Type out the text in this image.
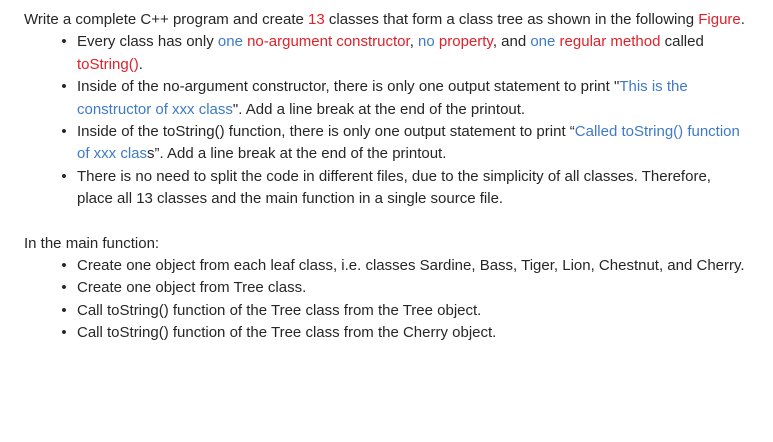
Write a complete C++ program and create 13 classes that form a class tree as shown in the following Figure.

• Every class has only one no-argument constructor, no property, and one regular method called toString().
• Inside of the no-argument constructor, there is only one output statement to print "This is the constructor of xxx class". Add a line break at the end of the printout.
• Inside of the toString() function, there is only one output statement to print “Called toString() function of xxx class”. Add a line break at the end of the printout.
• There is no need to split the code in different files, due to the simplicity of all classes. Therefore, place all 13 classes and the main function in a single source file.

In the main function:

• Create one object from each leaf class, i.e. classes Sardine, Bass, Tiger, Lion, Chestnut, and Cherry.
• Create one object from Tree class.
• Call toString() function of the Tree class from the Tree object.
• Call toString() function of the Tree class from the Cherry object.
